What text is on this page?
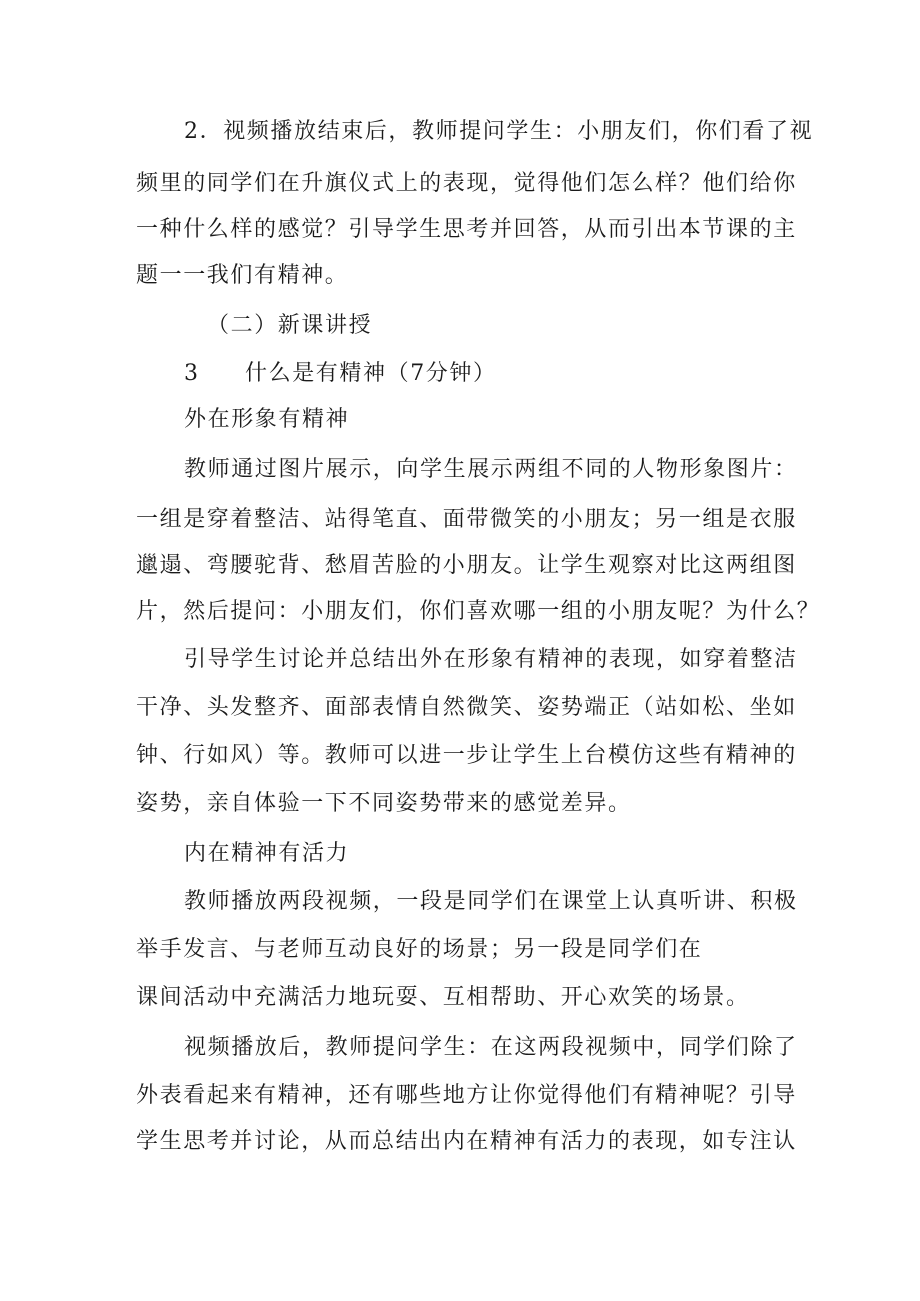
2．视频播放结束后，教师提问学生：小朋友们，你们看了视
频里的同学们在升旗仪式上的表现，觉得他们怎么样？他们给你
一种什么样的感觉？引导学生思考并回答，从而引出本节课的主
题一一我们有精神。
（二）新课讲授
3 什么是有精神（7分钟）
外在形象有精神
教师通过图片展示，向学生展示两组不同的人物形象图片：
一组是穿着整洁、站得笔直、面带微笑的小朋友；另一组是衣服
邋遢、弯腰驼背、愁眉苦脸的小朋友。让学生观察对比这两组图
片，然后提问：小朋友们，你们喜欢哪一组的小朋友呢？为什么？
引导学生讨论并总结出外在形象有精神的表现，如穿着整洁
干净、头发整齐、面部表情自然微笑、姿势端正（站如松、坐如
钟、行如风）等。教师可以进一步让学生上台模仿这些有精神的
姿势，亲自体验一下不同姿势带来的感觉差异。
内在精神有活力
教师播放两段视频，一段是同学们在课堂上认真听讲、积极
举手发言、与老师互动良好的场景；另一段是同学们在
课间活动中充满活力地玩耍、互相帮助、开心欢笑的场景。
视频播放后，教师提问学生：在这两段视频中，同学们除了
外表看起来有精神，还有哪些地方让你觉得他们有精神呢？引导
学生思考并讨论，从而总结出内在精神有活力的表现，如专注认
